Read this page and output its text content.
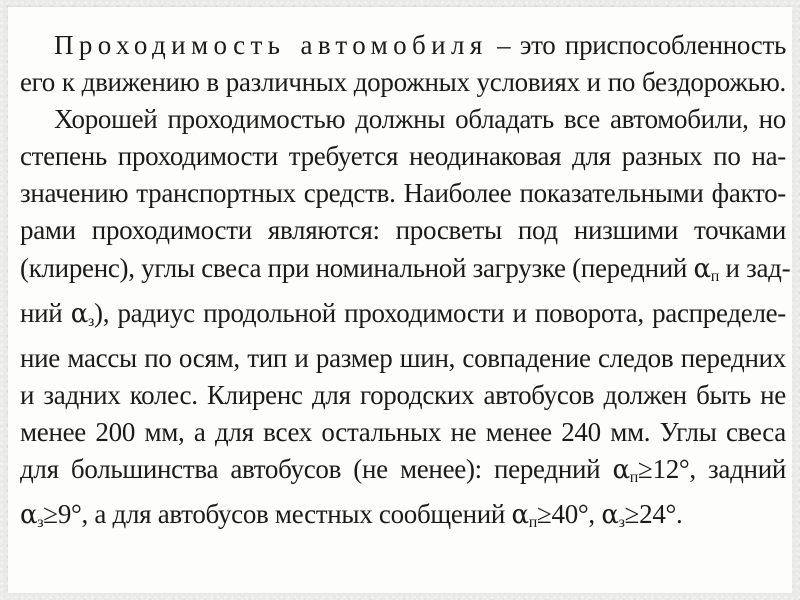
Проходимость автомобиля – это приспособленность
его к движению в различных дорожных условиях и по бездорожью.
Хорошей проходимостью должны обладать все автомобили, но
степень проходимости требуется неодинаковая для разных по на-
значению транспортных средств. Наиболее показательными факто-
рами проходимости являются: просветы под низшими точками
(клиренс), углы свеса при номинальной загрузке (передний $\alpha_п$ и зад-
ний $\alpha_з$), радиус продольной проходимости и поворота, распределе-
ние массы по осям, тип и размер шин, совпадение следов передних
и задних колес. Клиренс для городских автобусов должен быть не
менее 200 мм, а для всех остальных не менее 240 мм. Углы свеса
для большинства автобусов (не менее): передний $\alpha_п\ge 12^\circ$, задний
$\alpha_з\ge 9^\circ$, а для автобусов местных сообщений $\alpha_п\ge 40^\circ$, $\alpha_з\ge 24^\circ$.
